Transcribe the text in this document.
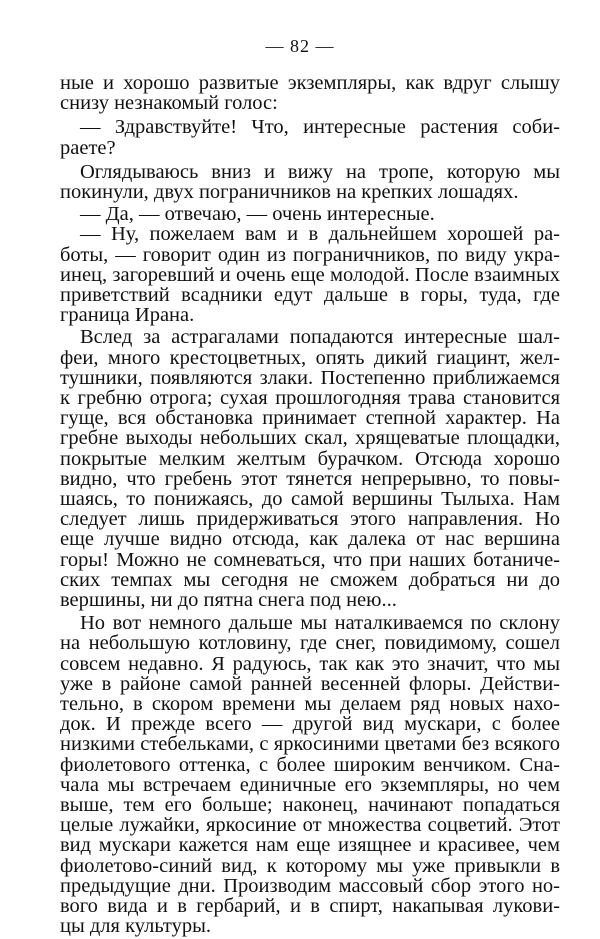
— 82 —
ные и хорошо развитые экземпляры, как вдруг слышу
снизу незнакомый голос:
— Здравствуйте! Что, интересные растения соби-
раете?
Оглядываюсь вниз и вижу на тропе, которую мы
покинули, двух пограничников на крепких лошадях.
— Да, — отвечаю, — очень интересные.
— Ну, пожелаем вам и в дальнейшем хорошей ра-
боты, — говорит один из пограничников, по виду укра-
инец, загоревший и очень еще молодой. После взаимных
приветствий всадники едут дальше в горы, туда, где
граница Ирана.
Вслед за астрагалами попадаются интересные шал-
феи, много крестоцветных, опять дикий гиацинт, жел-
тушники, появляются злаки. Постепенно приближаемся
к гребню отрога; сухая прошлогодняя трава становится
гуще, вся обстановка принимает степной характер. На
гребне выходы небольших скал, хрящеватые площадки,
покрытые мелким желтым бурачком. Отсюда хорошо
видно, что гребень этот тянется непрерывно, то повы-
шаясь, то понижаясь, до самой вершины Тылыха. Нам
следует лишь придерживаться этого направления. Но
еще лучше видно отсюда, как далека от нас вершина
горы! Можно не сомневаться, что при наших ботаниче-
ских темпах мы сегодня не сможем добраться ни до
вершины, ни до пятна снега под нею...
Но вот немного дальше мы наталкиваемся по склону
на небольшую котловину, где снег, повидимому, сошел
совсем недавно. Я радуюсь, так как это значит, что мы
уже в районе самой ранней весенней флоры. Действи-
тельно, в скором времени мы делаем ряд новых нахо-
док. И прежде всего — другой вид мускари, с более
низкими стебельками, с яркосиними цветами без всякого
фиолетового оттенка, с более широким венчиком. Сна-
чала мы встречаем единичные его экземпляры, но чем
выше, тем его больше; наконец, начинают попадаться
целые лужайки, яркосиние от множества соцветий. Этот
вид мускари кажется нам еще изящнее и красивее, чем
фиолетово-синий вид, к которому мы уже привыкли в
предыдущие дни. Производим массовый сбор этого но-
вого вида и в гербарий, и в спирт, накапывая лукови-
цы для культуры.
